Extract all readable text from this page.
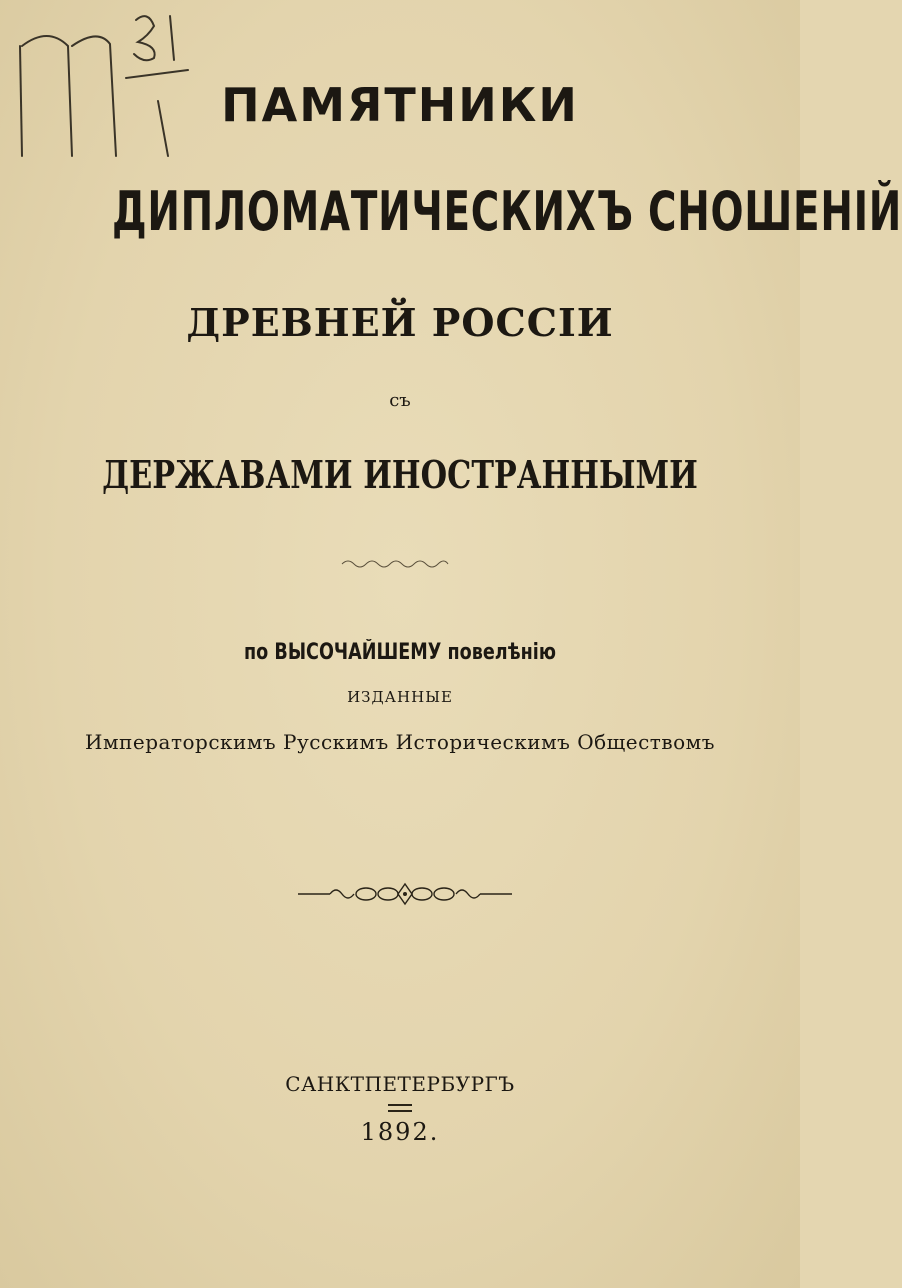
ПАМЯТНИКИ
ДИПЛОМАТИЧЕСКИХЪ СНОШЕНІЙ
ДРЕВНЕЙ РОССІИ
съ
ДЕРЖАВАМИ ИНОСТРАННЫМИ
по ВЫСОЧАЙШЕМУ повелѣнію
ИЗДАННЫЕ
Императорскимъ Русскимъ Историческимъ Обществомъ
САНКТПЕТЕРБУРГЪ
1892.
